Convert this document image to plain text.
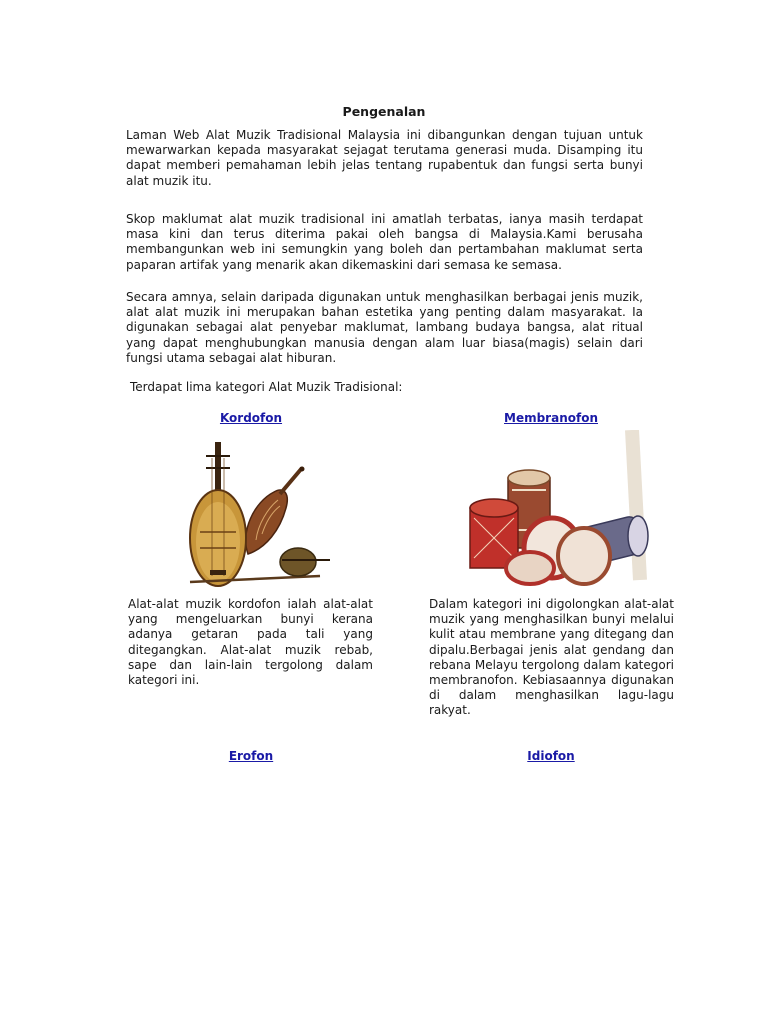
Pengenalan

Laman Web Alat Muzik Tradisional Malaysia ini dibangunkan dengan tujuan untuk mewarwarkan kepada masyarakat sejagat terutama generasi muda. Disamping itu dapat memberi pemahaman lebih jelas tentang rupabentuk dan fungsi serta bunyi alat muzik itu.

Skop maklumat alat muzik tradisional ini amatlah terbatas, ianya masih terdapat masa kini dan terus diterima pakai oleh bangsa di Malaysia.Kami berusaha membangunkan web ini semungkin yang boleh dan pertambahan maklumat serta paparan artifak yang menarik akan dikemaskini dari semasa ke semasa.

Secara amnya, selain daripada digunakan untuk menghasilkan berbagai jenis muzik, alat alat muzik ini merupakan bahan estetika yang penting dalam masyarakat. Ia digunakan sebagai alat penyebar maklumat, lambang budaya bangsa, alat ritual yang dapat menghubungkan manusia dengan alam luar biasa(magis) selain dari fungsi utama sebagai alat hiburan.

Terdapat lima kategori Alat Muzik Tradisional:

Kordofon

Alat-alat muzik kordofon ialah alat-alat yang mengeluarkan bunyi kerana adanya getaran pada tali yang ditegangkan. Alat-alat muzik rebab, sape dan lain-lain tergolong dalam kategori ini.

Membranofon

Dalam kategori ini digolongkan alat-alat muzik yang menghasilkan bunyi melalui kulit atau membrane yang ditegang dan dipalu.Berbagai jenis alat gendang dan rebana Melayu tergolong dalam kategori membranofon. Kebiasaannya digunakan di dalam menghasilkan lagu-lagu rakyat.

Erofon	Idiofon
